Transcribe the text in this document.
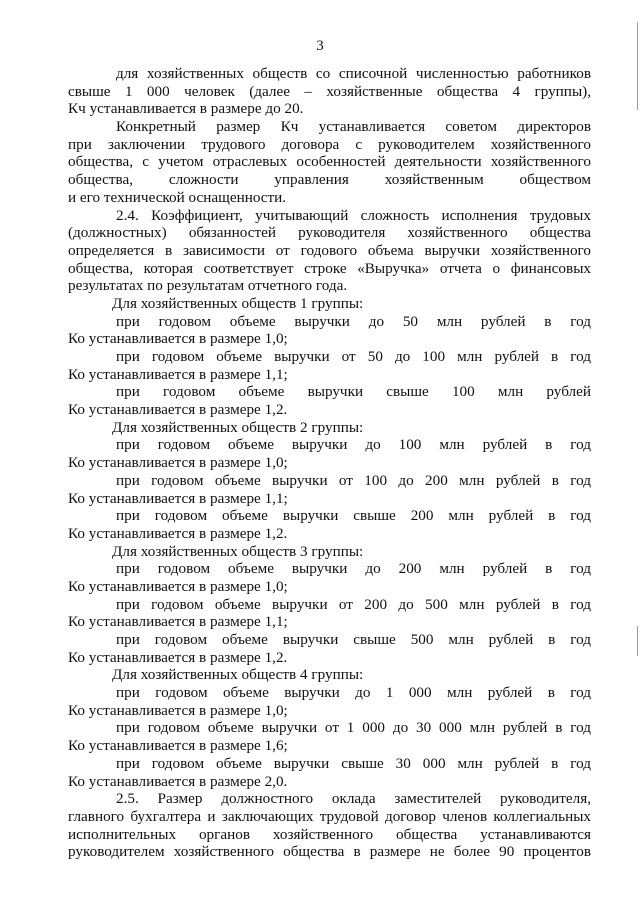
3
для хозяйственных обществ со списочной численностью работников
свыше 1 000 человек (далее – хозяйственные общества 4 группы),
Кч устанавливается в размере до 20.
Конкретный размер Кч устанавливается советом директоров
при заключении трудового договора с руководителем хозяйственного
общества, с учетом отраслевых особенностей деятельности хозяйственного
общества, сложности управления хозяйственным обществом
и его технической оснащенности.
2.4. Коэффициент, учитывающий сложность исполнения трудовых
(должностных) обязанностей руководителя хозяйственного общества
определяется в зависимости от годового объема выручки хозяйственного
общества, которая соответствует строке «Выручка» отчета о финансовых
результатах по результатам отчетного года.
Для хозяйственных обществ 1 группы:
при годовом объеме выручки до 50 млн рублей в год
Ко устанавливается в размере 1,0;
при годовом объеме выручки от 50 до 100 млн рублей в год
Ко устанавливается в размере 1,1;
при годовом объеме выручки свыше 100 млн рублей
Ко устанавливается в размере 1,2.
Для хозяйственных обществ 2 группы:
при годовом объеме выручки до 100 млн рублей в год
Ко устанавливается в размере 1,0;
при годовом объеме выручки от 100 до 200 млн рублей в год
Ко устанавливается в размере 1,1;
при годовом объеме выручки свыше 200 млн рублей в год
Ко устанавливается в размере 1,2.
Для хозяйственных обществ 3 группы:
при годовом объеме выручки до 200 млн рублей в год
Ко устанавливается в размере 1,0;
при годовом объеме выручки от 200 до 500 млн рублей в год
Ко устанавливается в размере 1,1;
при годовом объеме выручки свыше 500 млн рублей в год
Ко устанавливается в размере 1,2.
Для хозяйственных обществ 4 группы:
при годовом объеме выручки до 1 000 млн рублей в год
Ко устанавливается в размере 1,0;
при годовом объеме выручки от 1 000 до 30 000 млн рублей в год
Ко устанавливается в размере 1,6;
при годовом объеме выручки свыше 30 000 млн рублей в год
Ко устанавливается в размере 2,0.
2.5. Размер должностного оклада заместителей руководителя,
главного бухгалтера и заключающих трудовой договор членов коллегиальных
исполнительных органов хозяйственного общества устанавливаются
руководителем хозяйственного общества в размере не более 90 процентов
